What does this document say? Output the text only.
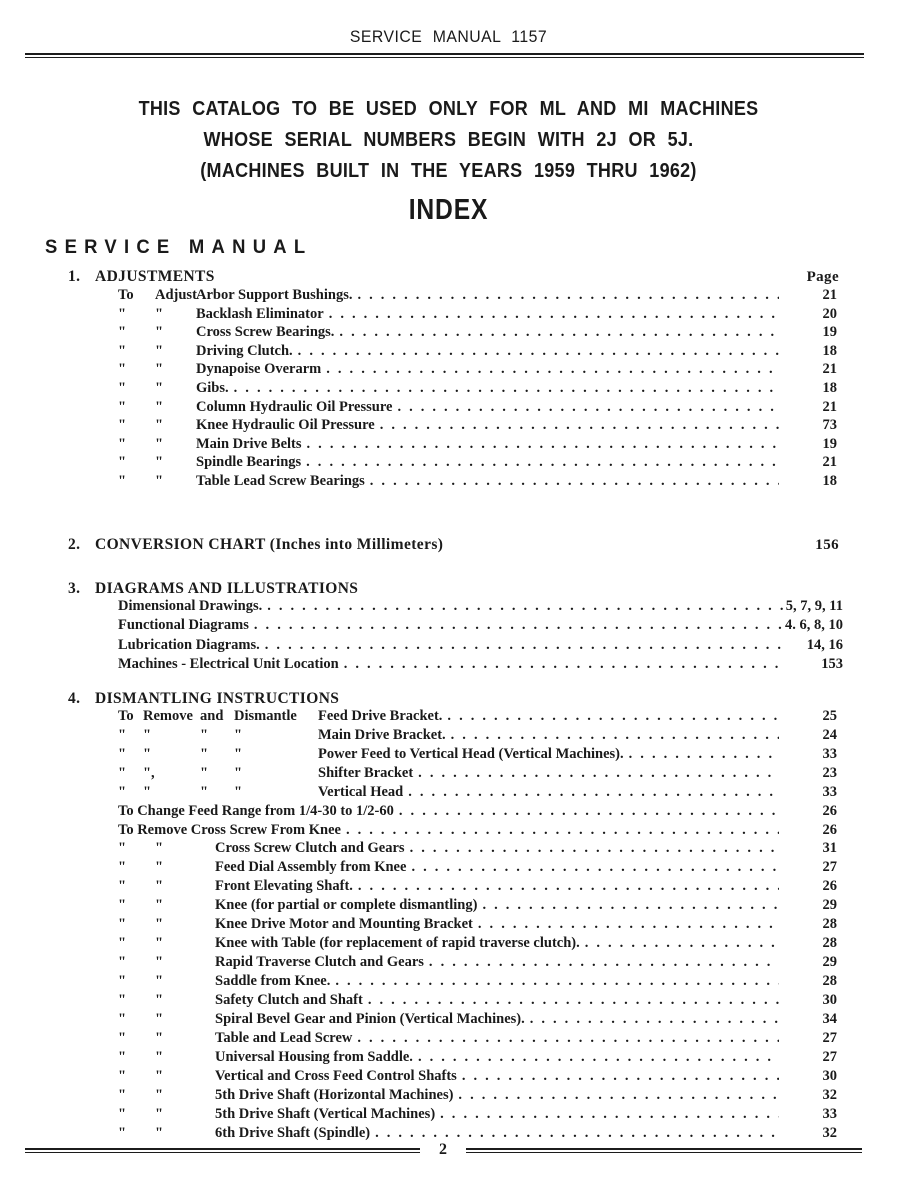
SERVICE MANUAL 1157
THIS CATALOG TO BE USED ONLY FOR ML AND MI MACHINES
WHOSE SERIAL NUMBERS BEGIN WITH 2J OR 5J.
(MACHINES BUILT IN THE YEARS 1959 THRU 1962)
INDEX
SERVICE MANUAL
1. ADJUSTMENTS	Page
To	Adjust Arbor Support Bushings. . . .	21
"	"	Backlash Eliminator . . .	20
"	"	Cross Screw Bearings. . . .	19
"	"	Driving Clutch. . . .	18
"	"	Dynapoise Overarm . . .	21
"	"	Gibs. . . .	18
"	"	Column Hydraulic Oil Pressure . . .	21
"	"	Knee Hydraulic Oil Pressure . . .	73
"	"	Main Drive Belts . . .	19
"	"	Spindle Bearings . . .	21
"	"	Table Lead Screw Bearings . . .	18
2. CONVERSION CHART (Inches into Millimeters)	156
3. DIAGRAMS AND ILLUSTRATIONS
Dimensional Drawings. . . .	5, 7, 9, 11
Functional Diagrams . . .	4. 6, 8, 10
Lubrication Diagrams. . . .	14, 16
Machines - Electrical Unit Location . . .	153
4. DISMANTLING INSTRUCTIONS
To Remove and Dismantle	Feed Drive Bracket. . . .	25
"	"	"	"	Main Drive Bracket. . . .	24
"	"	"	"	Power Feed to Vertical Head (Vertical Machines). . . .	33
"	",	"	"	Shifter Bracket . . .	23
"	"	"	"	Vertical Head . . .	33
To Change Feed Range from 1/4-30 to 1/2-60 . . .	26
To Remove Cross Screw From Knee . . .	26
"	"	Cross Screw Clutch and Gears . . .	31
"	"	Feed Dial Assembly from Knee . . .	27
"	"	Front Elevating Shaft. . . .	26
"	"	Knee (for partial or complete dismantling) . . .	29
"	"	Knee Drive Motor and Mounting Bracket . . .	28
"	"	Knee with Table (for replacement of rapid traverse clutch). . . .	28
"	"	Rapid Traverse Clutch and Gears . . .	29
"	"	Saddle from Knee. . . .	28
"	"	Safety Clutch and Shaft . . .	30
"	"	Spiral Bevel Gear and Pinion (Vertical Machines). . . .	34
"	"	Table and Lead Screw . . .	27
"	"	Universal Housing from Saddle. . . .	27
"	"	Vertical and Cross Feed Control Shafts . . .	30
"	"	5th Drive Shaft (Horizontal Machines) . . .	32
"	"	5th Drive Shaft (Vertical Machines) . . .	33
"	"	6th Drive Shaft (Spindle) . . .	32
2
